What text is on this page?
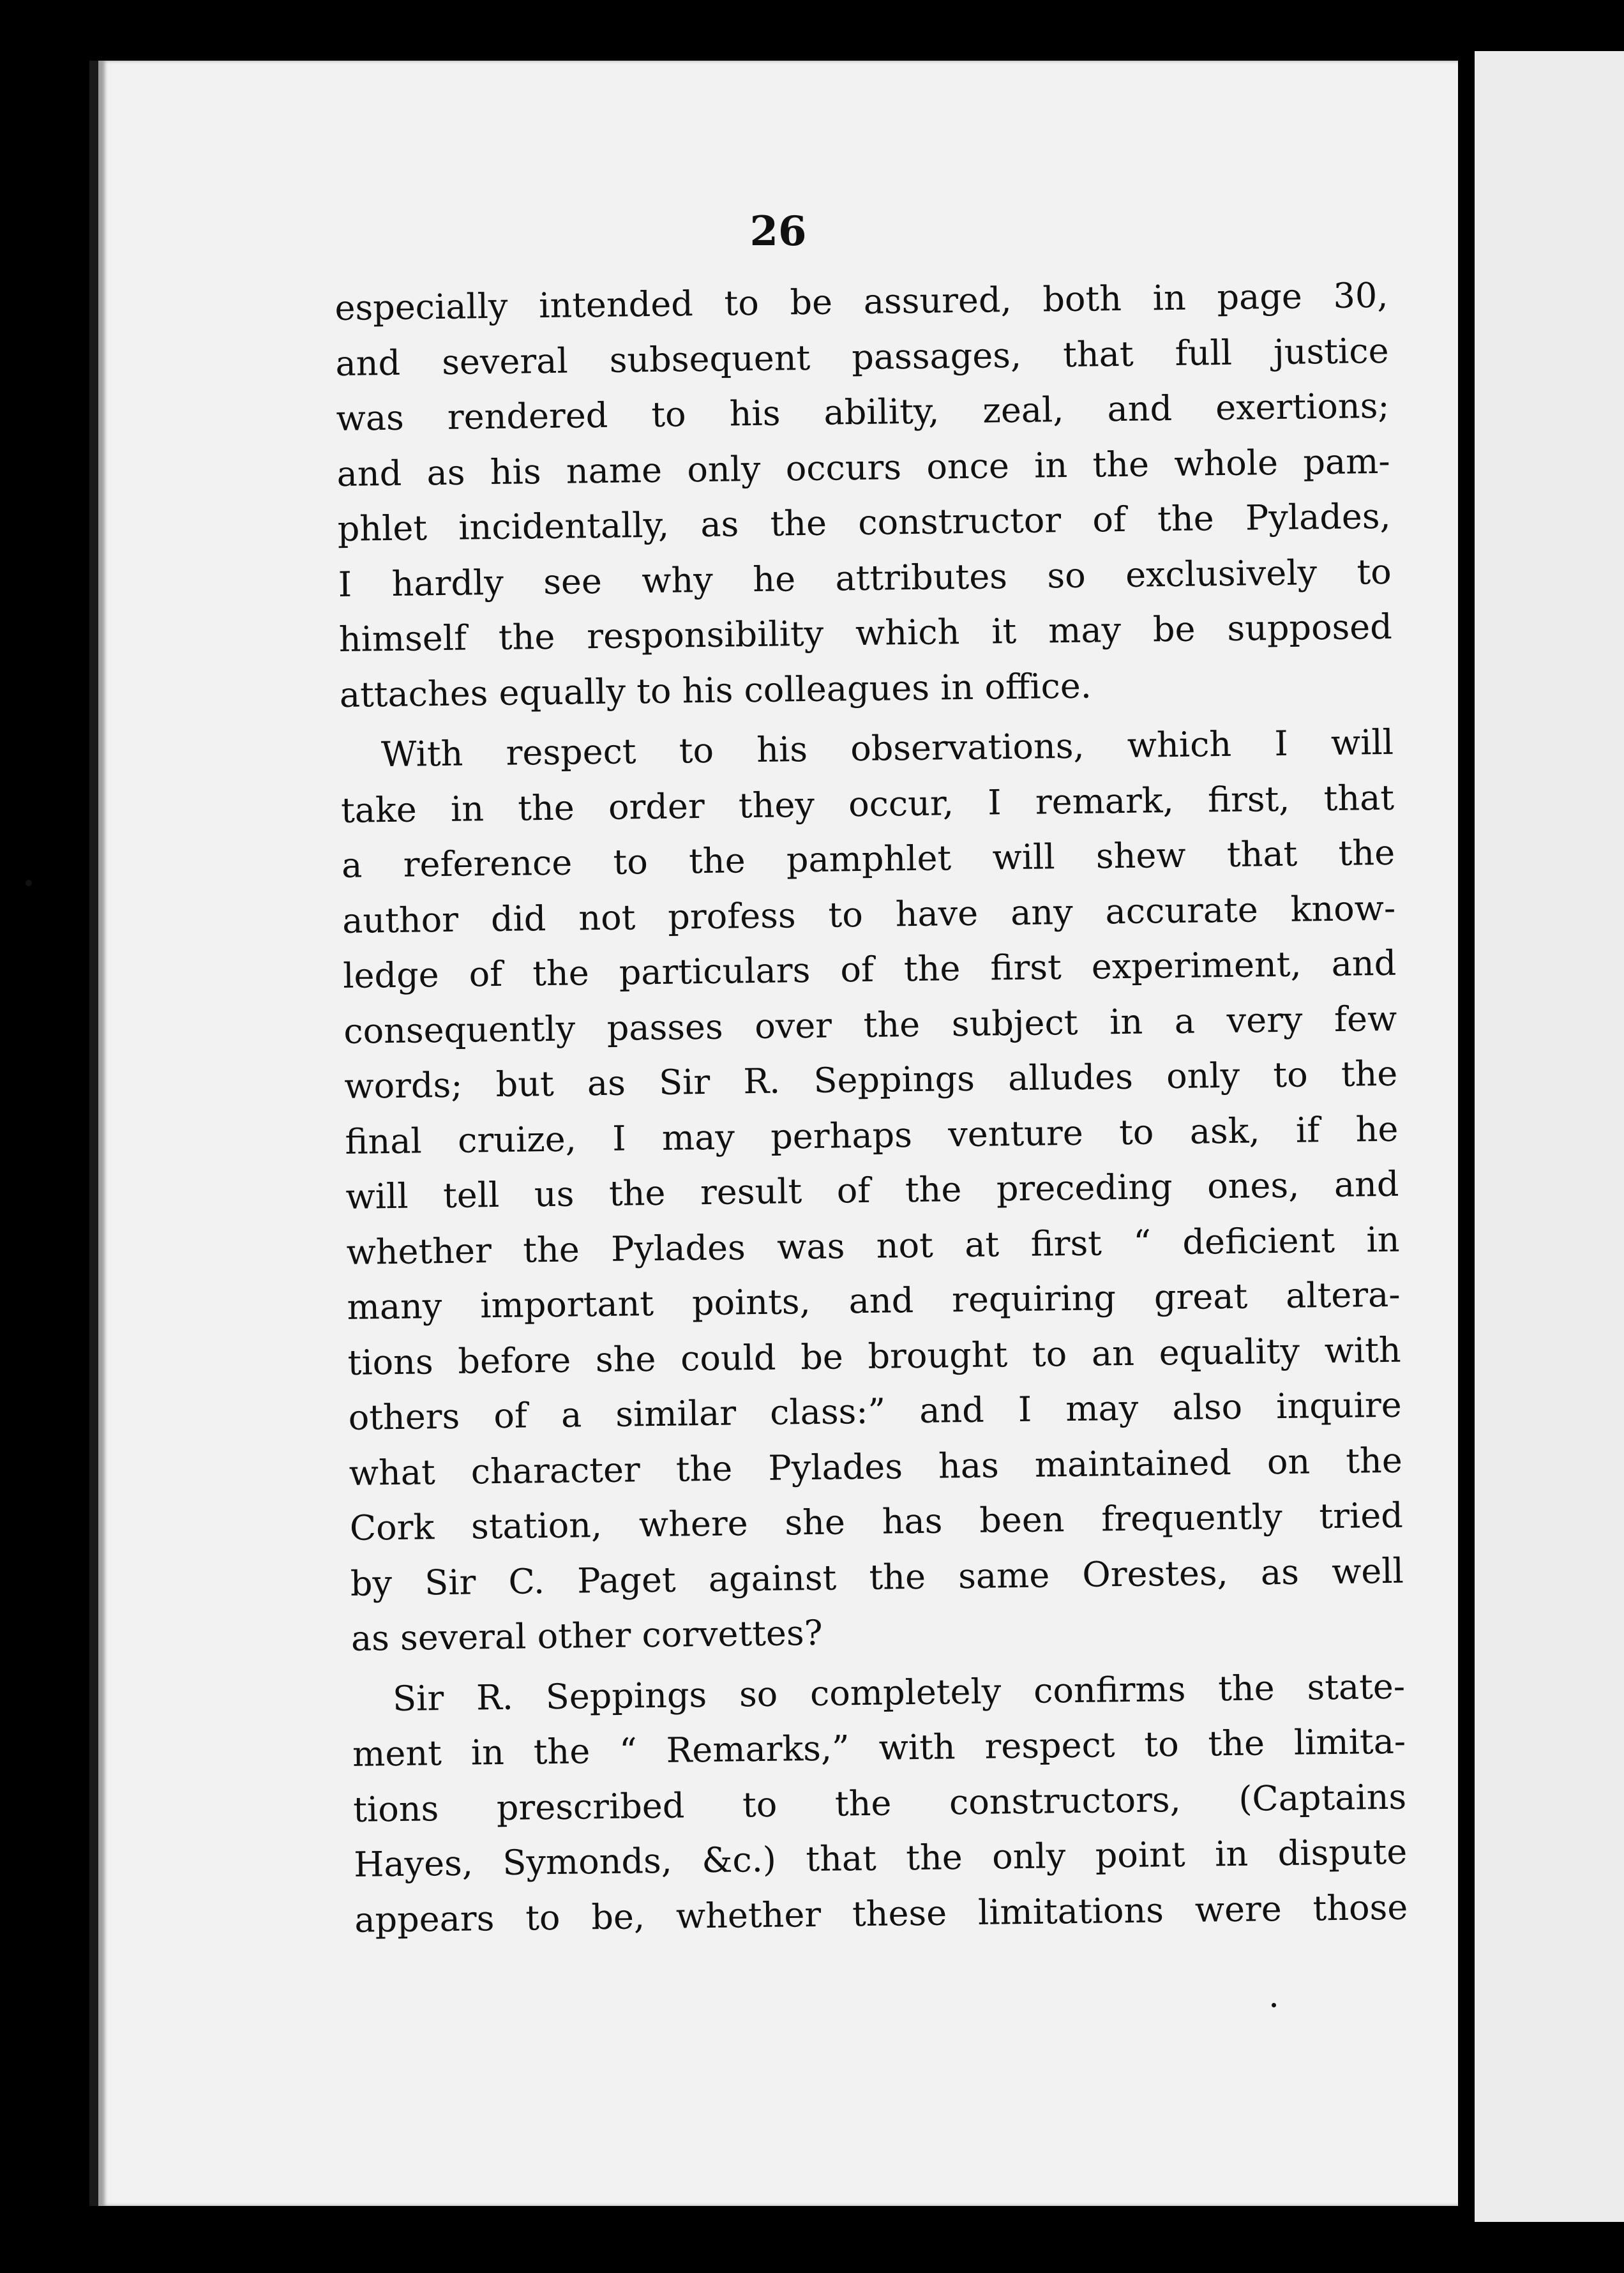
26
especially intended to be assured, both in page 30,
and several subsequent passages, that full justice
was rendered to his ability, zeal, and exertions;
and as his name only occurs once in the whole pam-
phlet incidentally, as the constructor of the Pylades,
I hardly see why he attributes so exclusively to
himself the responsibility which it may be supposed
attaches equally to his colleagues in office.
With respect to his observations, which I will
take in the order they occur, I remark, first, that
a reference to the pamphlet will shew that the
author did not profess to have any accurate know-
ledge of the particulars of the first experiment, and
consequently passes over the subject in a very few
words; but as Sir R. Seppings alludes only to the
final cruize, I may perhaps venture to ask, if he
will tell us the result of the preceding ones, and
whether the Pylades was not at first “ deficient in
many important points, and requiring great altera-
tions before she could be brought to an equality with
others of a similar class:” and I may also inquire
what character the Pylades has maintained on the
Cork station, where she has been frequently tried
by Sir C. Paget against the same Orestes, as well
as several other corvettes?
Sir R. Seppings so completely confirms the state-
ment in the “ Remarks,” with respect to the limita-
tions prescribed to the constructors, (Captains
Hayes, Symonds, &c.) that the only point in dispute
appears to be, whether these limitations were those
